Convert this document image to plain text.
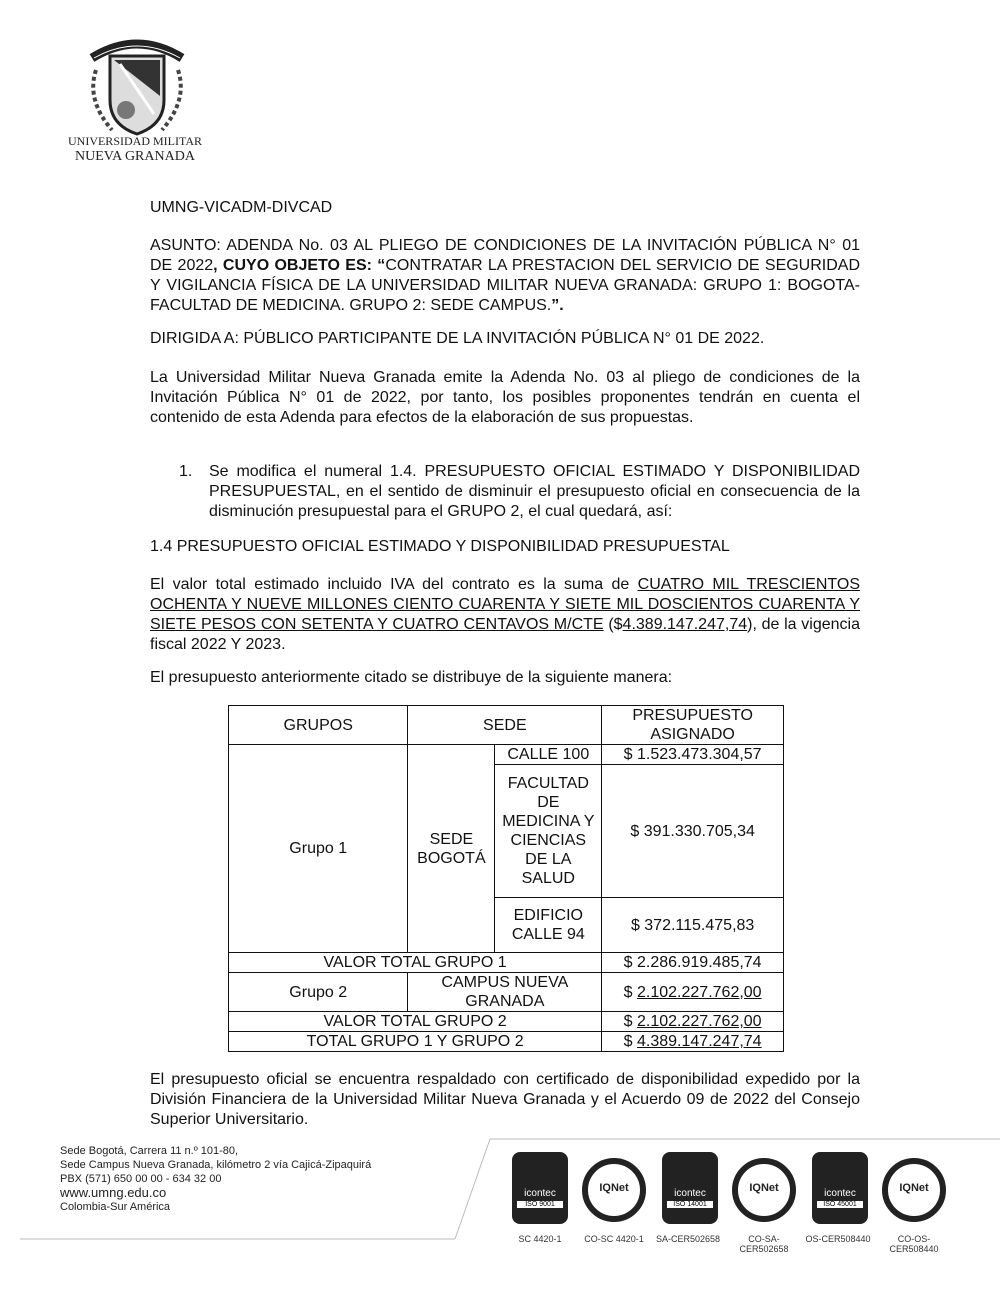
UNIVERSIDAD MILITAR
NUEVA GRANADA
UMNG-VICADM-DIVCAD
ASUNTO: ADENDA No. 03 AL PLIEGO DE CONDICIONES DE LA INVITACIÓN PÚBLICA N° 01 DE 2022, CUYO OBJETO ES: “CONTRATAR LA PRESTACION DEL SERVICIO DE SEGURIDAD Y VIGILANCIA FÍSICA DE LA UNIVERSIDAD MILITAR NUEVA GRANADA: GRUPO 1: BOGOTA-FACULTAD DE MEDICINA. GRUPO 2: SEDE CAMPUS.”.
DIRIGIDA A: PÚBLICO PARTICIPANTE DE LA INVITACIÓN PÚBLICA N° 01 DE 2022.
La Universidad Militar Nueva Granada emite la Adenda No. 03 al pliego de condiciones de la Invitación Pública N° 01 de 2022, por tanto, los posibles proponentes tendrán en cuenta el contenido de esta Adenda para efectos de la elaboración de sus propuestas.
1. Se modifica el numeral 1.4. PRESUPUESTO OFICIAL ESTIMADO Y DISPONIBILIDAD PRESUPUESTAL, en el sentido de disminuir el presupuesto oficial en consecuencia de la disminución presupuestal para el GRUPO 2, el cual quedará, así:
1.4 PRESUPUESTO OFICIAL ESTIMADO Y DISPONIBILIDAD PRESUPUESTAL
El valor total estimado incluido IVA del contrato es la suma de CUATRO MIL TRESCIENTOS OCHENTA Y NUEVE MILLONES CIENTO CUARENTA Y SIETE MIL DOSCIENTOS CUARENTA Y SIETE PESOS CON SETENTA Y CUATRO CENTAVOS M/CTE ($4.389.147.247,74), de la vigencia fiscal 2022 Y 2023.
El presupuesto anteriormente citado se distribuye de la siguiente manera:
GRUPOS	SEDE		PRESUPUESTO ASIGNADO
Grupo 1	SEDE BOGOTÁ	CALLE 100	$ 1.523.473.304,57
		FACULTAD DE MEDICINA Y CIENCIAS DE LA SALUD	$ 391.330.705,34
		EDIFICIO CALLE 94	$ 372.115.475,83
VALOR TOTAL GRUPO 1			$ 2.286.919.485,74
Grupo 2	CAMPUS NUEVA GRANADA		$ 2.102.227.762,00
VALOR TOTAL GRUPO 2			$ 2.102.227.762,00
TOTAL GRUPO 1 Y GRUPO 2			$ 4.389.147.247,74
El presupuesto oficial se encuentra respaldado con certificado de disponibilidad expedido por la División Financiera de la Universidad Militar Nueva Granada y el Acuerdo 09 de 2022 del Consejo Superior Universitario.
Sede Bogotá, Carrera 11 n.º 101-80,
Sede Campus Nueva Granada, kilómetro 2 vía Cajicá-Zipaquirá
PBX (571) 650 00 00 - 634 32 00
www.umng.edu.co
Colombia-Sur América
icontec
ISO 9001
IQNet	icontec
ISO 14001
IQNet	icontec
ISO 45001
IQNet
SC 4420-1	CO-SC 4420-1	SA-CER502658	CO-SA-CER502658
OS-CER508440	CO-OS-CER508440
